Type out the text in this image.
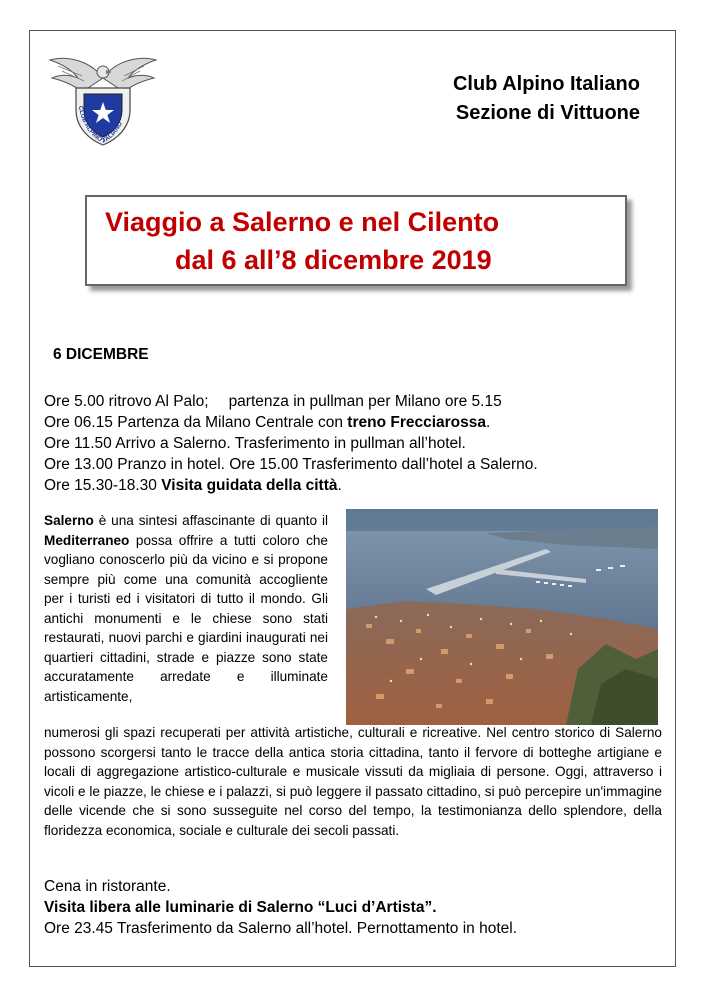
CLUB ALPINO ITALIANO
Club Alpino Italiano
Sezione di Vittuone
Viaggio a Salerno e nel Cilento
dal 6 all’8 dicembre 2019
6 DICEMBRE
Ore 5.00 ritrovo Al Palo; partenza in pullman per Milano ore 5.15
Ore 06.15 Partenza da Milano Centrale con treno Frecciarossa.
Ore 11.50 Arrivo a Salerno. Trasferimento in pullman all’hotel.
Ore 13.00 Pranzo in hotel. Ore 15.00 Trasferimento dall’hotel a Salerno.
Ore 15.30-18.30 Visita guidata della città.
Salerno è una sintesi affascinante di quanto il Mediterraneo possa offrire a tutti coloro che vogliano conoscerlo più da vicino e si propone sempre più come una comunità accogliente per i turisti ed i visitatori di tutto il mondo. Gli antichi monumenti e le chiese sono stati restaurati, nuovi parchi e giardini inaugurati nei quartieri cittadini, strade e piazze sono state accuratamente arredate e illuminate artisticamente,
numerosi gli spazi recuperati per attività artistiche, culturali e ricreative. Nel centro storico di Salerno possono scorgersi tanto le tracce della antica storia cittadina, tanto il fervore di botteghe artigiane e locali di aggregazione artistico-culturale e musicale vissuti da migliaia di persone. Oggi, attraverso i vicoli e le piazze, le chiese e i palazzi, si può leggere il passato cittadino, si può percepire un'immagine delle vicende che si sono susseguite nel corso del tempo, la testimonianza dello splendore, della floridezza economica, sociale e culturale dei secoli passati.
Cena in ristorante.
Visita libera alle luminarie di Salerno “Luci d’Artista”.
Ore 23.45 Trasferimento da Salerno all’hotel. Pernottamento in hotel.
